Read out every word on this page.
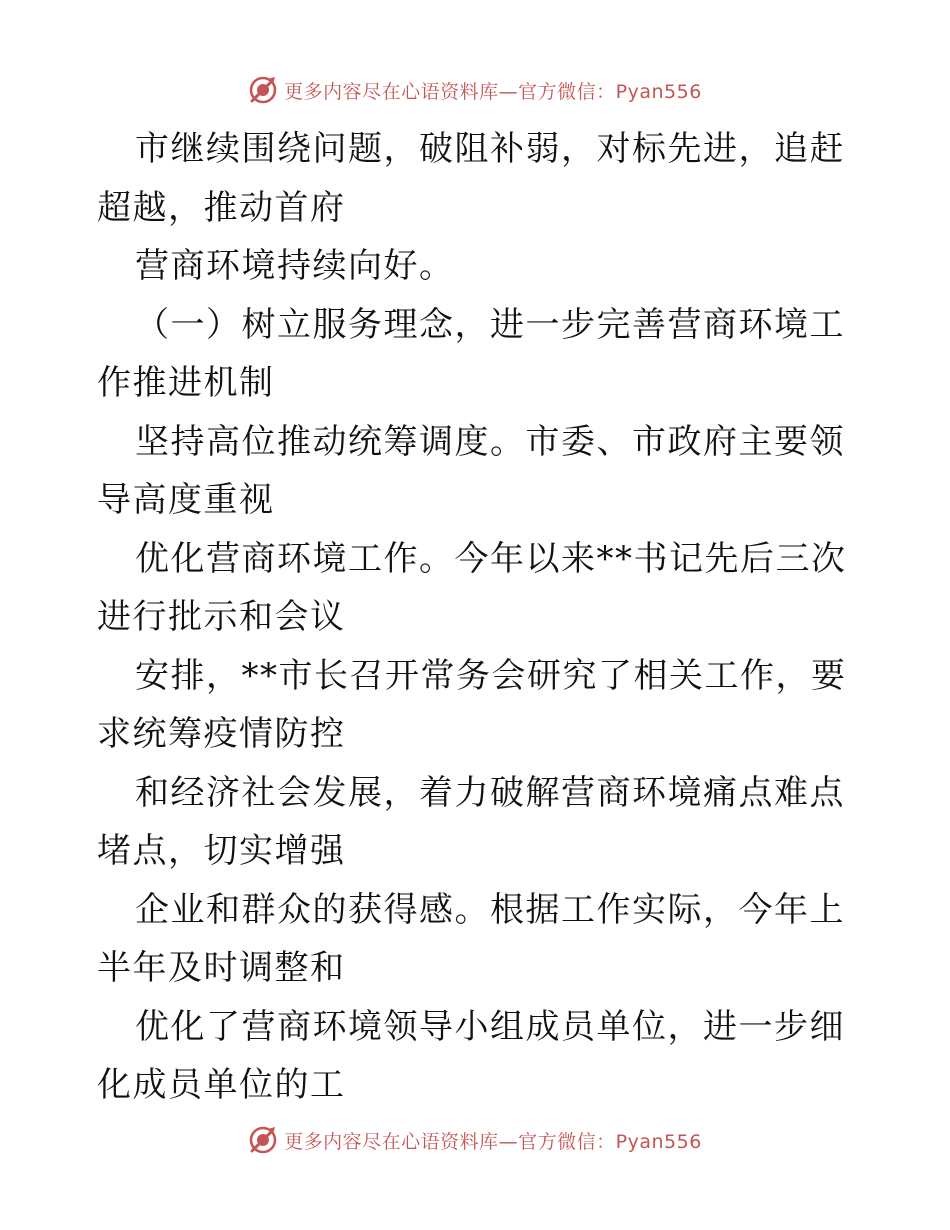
更多内容尽在心语资料库—官方微信：Pyan556

市继续围绕问题，破阻补弱，对标先进，追赶超越，推动首府

营商环境持续向好。

（一）树立服务理念，进一步完善营商环境工作推进机制

坚持高位推动统筹调度。市委、市政府主要领导高度重视

优化营商环境工作。今年以来**书记先后三次进行批示和会议

安排，**市长召开常务会研究了相关工作，要求统筹疫情防控

和经济社会发展，着力破解营商环境痛点难点堵点，切实增强

企业和群众的获得感。根据工作实际，今年上半年及时调整和

优化了营商环境领导小组成员单位，进一步细化成员单位的工

更多内容尽在心语资料库—官方微信：Pyan556
